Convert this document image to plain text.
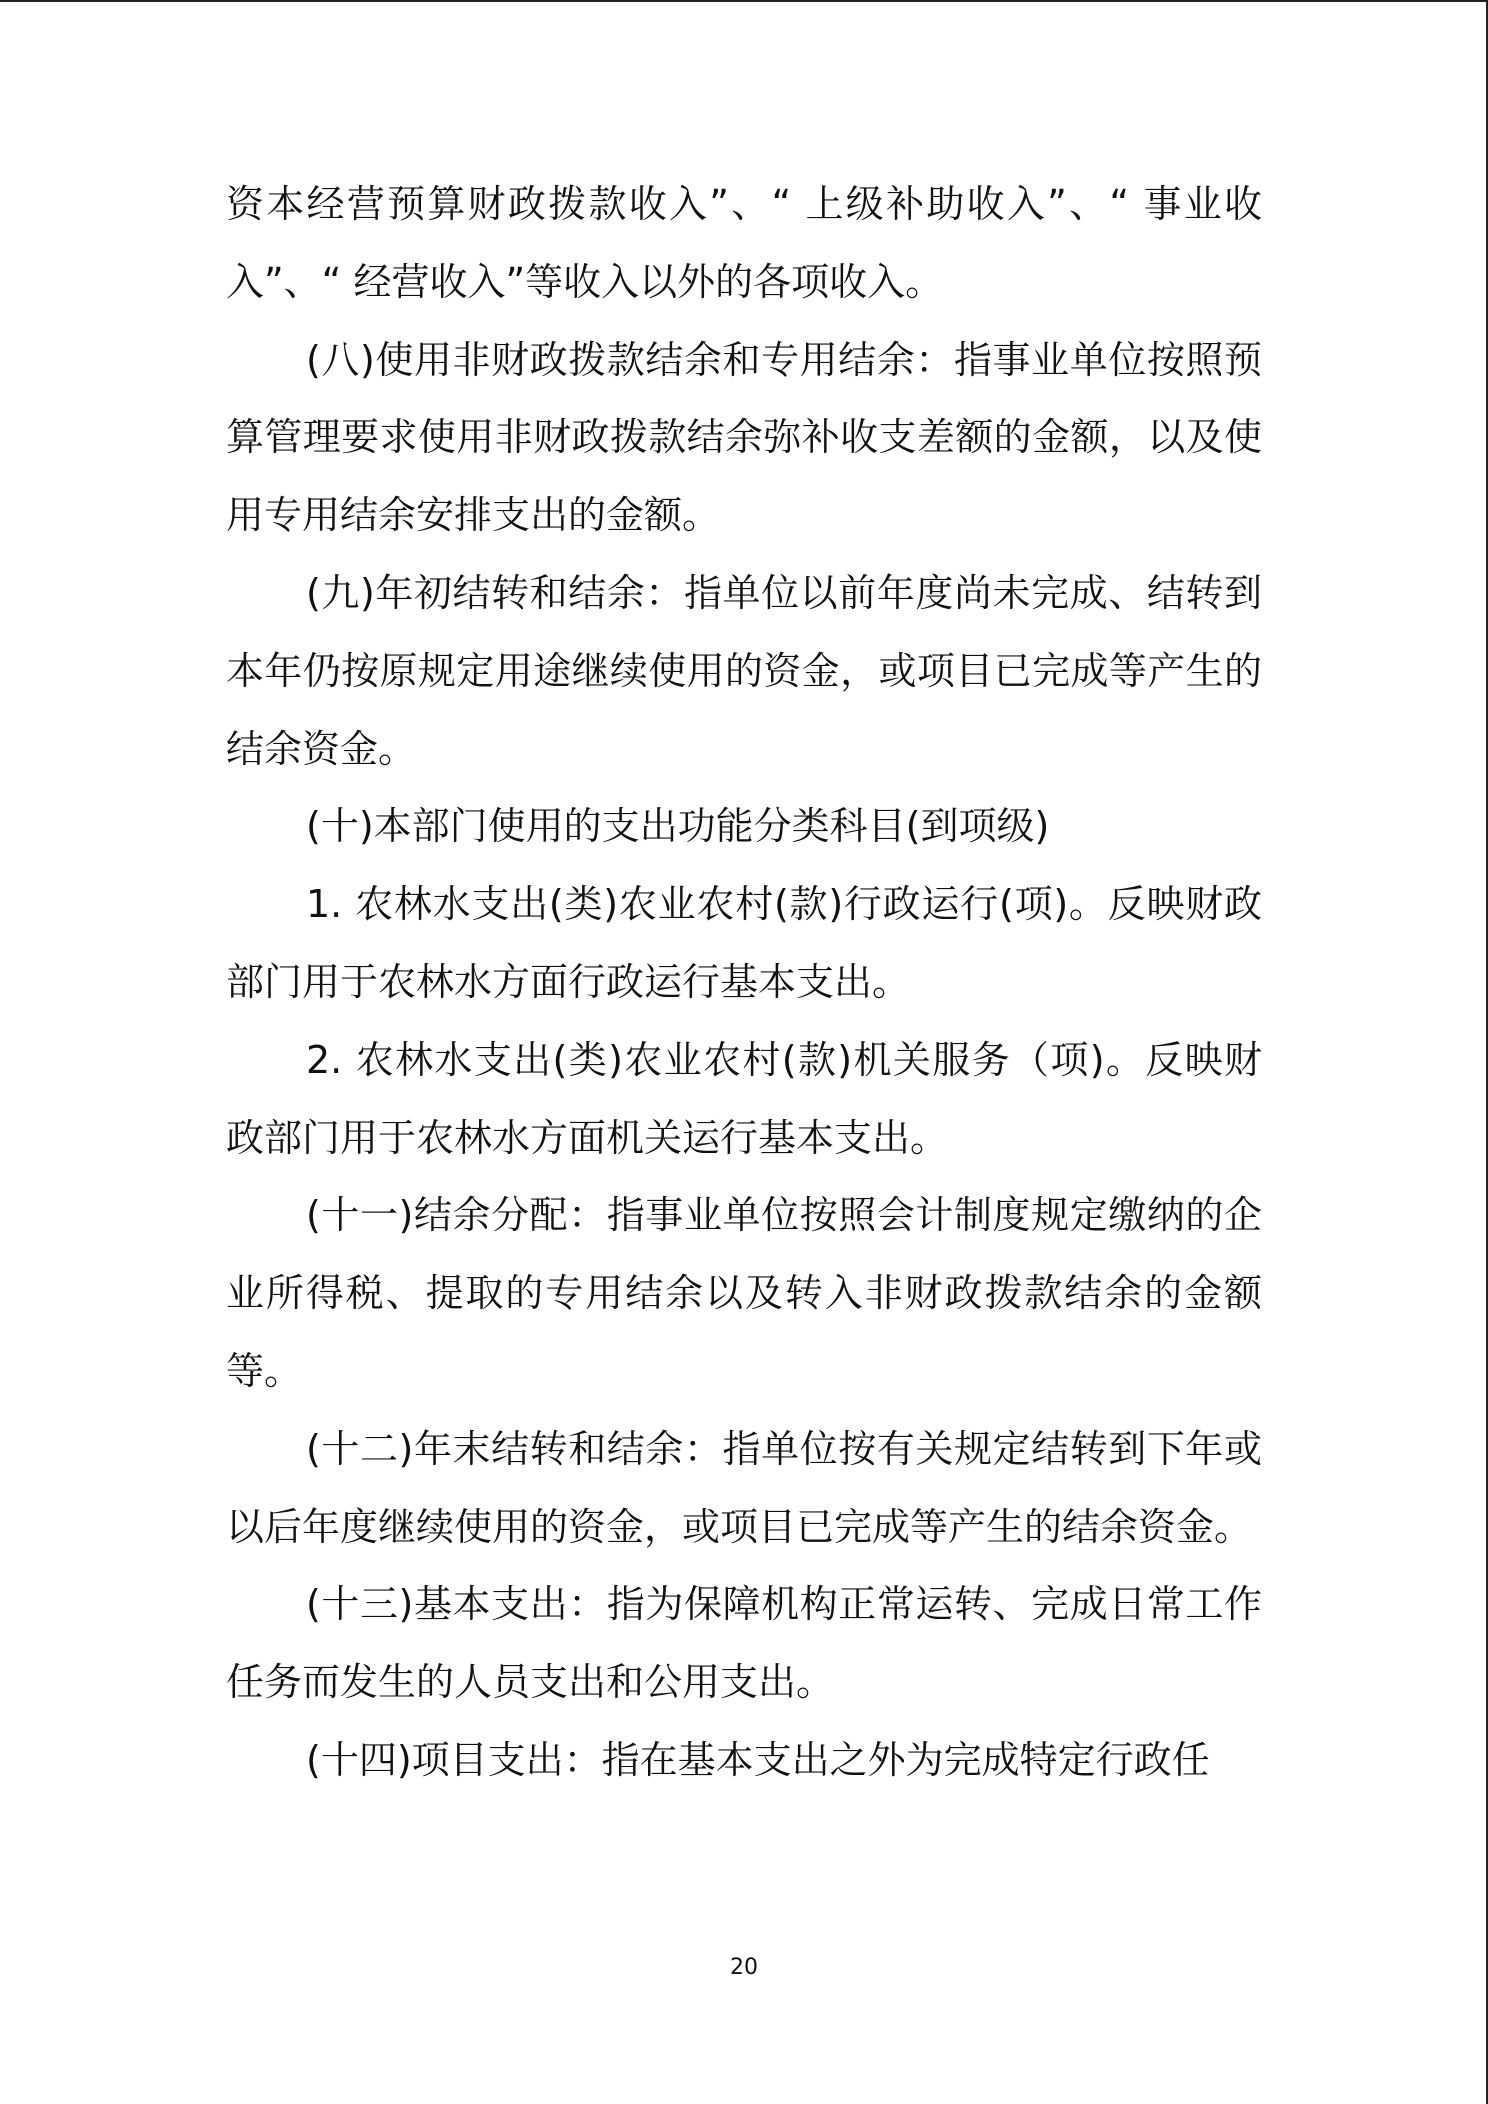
资本经营预算财政拨款收入”、“ 上级补助收入”、“ 事业收入”、“ 经营收入”等收入以外的各项收入。

(八)使用非财政拨款结余和专用结余：指事业单位按照预算管理要求使用非财政拨款结余弥补收支差额的金额，以及使用专用结余安排支出的金额。

(九)年初结转和结余：指单位以前年度尚未完成、结转到本年仍按原规定用途继续使用的资金，或项目已完成等产生的结余资金。

(十)本部门使用的支出功能分类科目(到项级)

1. 农林水支出(类)农业农村(款)行政运行(项)。反映财政部门用于农林水方面行政运行基本支出。

2. 农林水支出(类)农业农村(款)机关服务（项)。反映财政部门用于农林水方面机关运行基本支出。

(十一)结余分配：指事业单位按照会计制度规定缴纳的企业所得税、提取的专用结余以及转入非财政拨款结余的金额等。

(十二)年末结转和结余：指单位按有关规定结转到下年或以后年度继续使用的资金，或项目已完成等产生的结余资金。

(十三)基本支出：指为保障机构正常运转、完成日常工作任务而发生的人员支出和公用支出。

(十四)项目支出：指在基本支出之外为完成特定行政任

20
